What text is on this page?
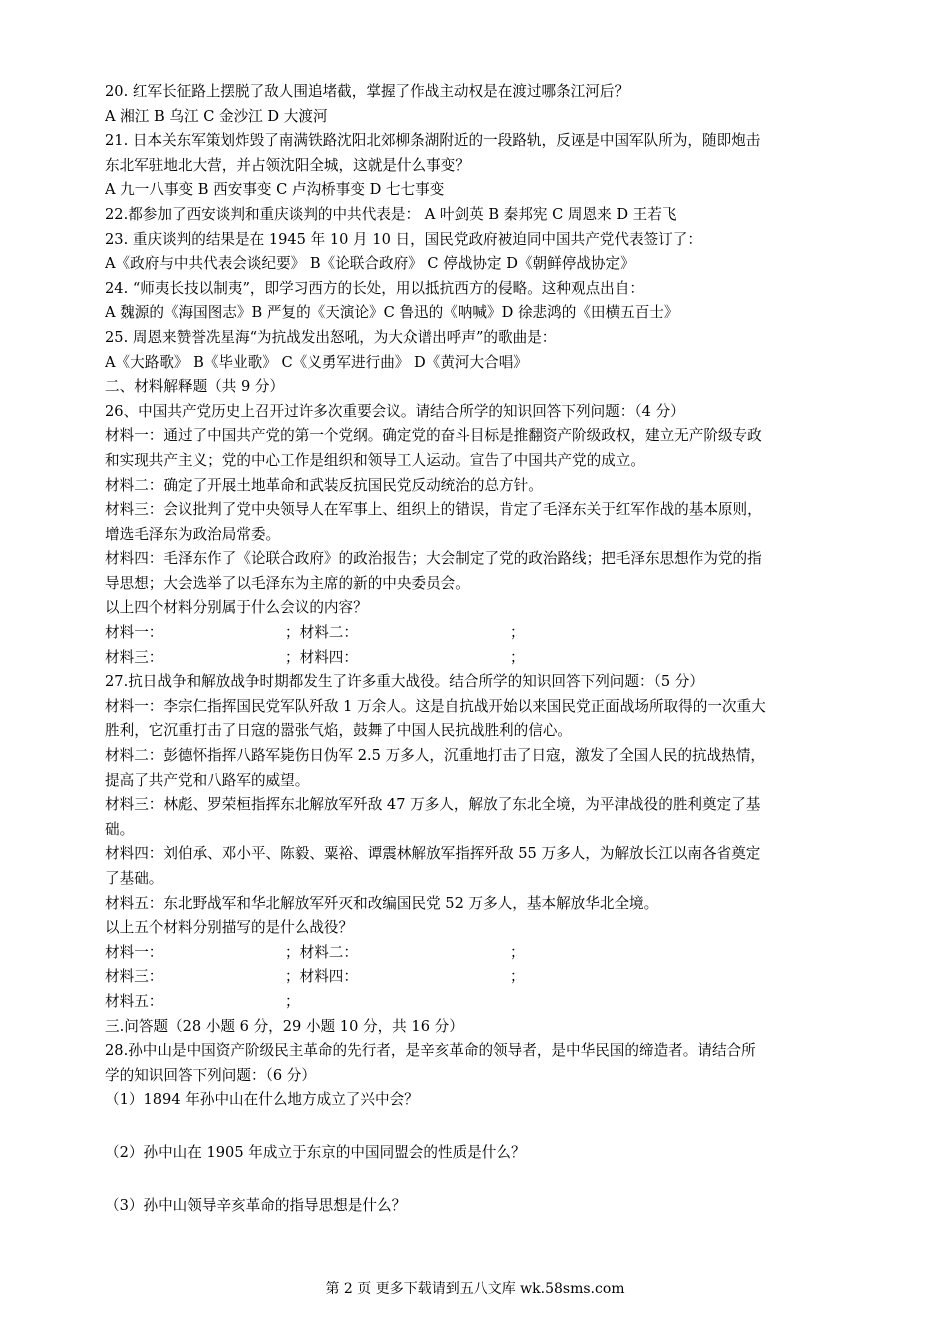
20. 红军长征路上摆脱了敌人围追堵截，掌握了作战主动权是在渡过哪条江河后？
A 湘江 B 乌江 C 金沙江 D 大渡河
21. 日本关东军策划炸毁了南满铁路沈阳北郊柳条湖附近的一段路轨，反诬是中国军队所为，随即炮击
东北军驻地北大营，并占领沈阳全城，这就是什么事变？
A 九一八事变 B 西安事变 C 卢沟桥事变 D 七七事变
22.都参加了西安谈判和重庆谈判的中共代表是： A 叶剑英 B 秦邦宪 C 周恩来 D 王若飞
23. 重庆谈判的结果是在 1945 年 10 月 10 日，国民党政府被迫同中国共产党代表签订了：
A《政府与中共代表会谈纪要》 B《论联合政府》 C 停战协定 D《朝鲜停战协定》
24. “师夷长技以制夷”，即学习西方的长处，用以抵抗西方的侵略。这种观点出自：
A 魏源的《海国图志》B 严复的《天演论》C 鲁迅的《呐喊》D 徐悲鸿的《田横五百士》
25. 周恩来赞誉冼星海“为抗战发出怒吼，为大众谱出呼声”的歌曲是：
A《大路歌》 B《毕业歌》 C《义勇军进行曲》 D《黄河大合唱》
二、材料解释题（共 9 分）
26、中国共产党历史上召开过许多次重要会议。请结合所学的知识回答下列问题：（4 分）
材料一：通过了中国共产党的第一个党纲。确定党的奋斗目标是推翻资产阶级政权，建立无产阶级专政
和实现共产主义；党的中心工作是组织和领导工人运动。宣告了中国共产党的成立。
材料二：确定了开展土地革命和武装反抗国民党反动统治的总方针。
材料三：会议批判了党中央领导人在军事上、组织上的错误，肯定了毛泽东关于红军作战的基本原则，
增选毛泽东为政治局常委。
材料四：毛泽东作了《论联合政府》的政治报告；大会制定了党的政治路线；把毛泽东思想作为党的指
导思想；大会选举了以毛泽东为主席的新的中央委员会。
以上四个材料分别属于什么会议的内容？
材料一：	；材料二：	；
材料三：	；材料四：	；
27.抗日战争和解放战争时期都发生了许多重大战役。结合所学的知识回答下列问题：（5 分）
材料一：李宗仁指挥国民党军队歼敌 1 万余人。这是自抗战开始以来国民党正面战场所取得的一次重大
胜利，它沉重打击了日寇的嚣张气焰，鼓舞了中国人民抗战胜利的信心。
材料二：彭德怀指挥八路军毙伤日伪军 2.5 万多人，沉重地打击了日寇，激发了全国人民的抗战热情，
提高了共产党和八路军的威望。
材料三：林彪、罗荣桓指挥东北解放军歼敌 47 万多人，解放了东北全境，为平津战役的胜利奠定了基
础。
材料四：刘伯承、邓小平、陈毅、粟裕、谭震林解放军指挥歼敌 55 万多人，为解放长江以南各省奠定
了基础。
材料五：东北野战军和华北解放军歼灭和改编国民党 52 万多人，基本解放华北全境。
以上五个材料分别描写的是什么战役？
材料一：	；材料二：	；
材料三：	；材料四：	；
材料五：	；
三.问答题（28 小题 6 分，29 小题 10 分，共 16 分）
28.孙中山是中国资产阶级民主革命的先行者，是辛亥革命的领导者，是中华民国的缔造者。请结合所
学的知识回答下列问题：（6 分）
（1）1894 年孙中山在什么地方成立了兴中会？
（2）孙中山在 1905 年成立于东京的中国同盟会的性质是什么？
（3）孙中山领导辛亥革命的指导思想是什么？
第 2 页 更多下载请到五八文库 wk.58sms.com
